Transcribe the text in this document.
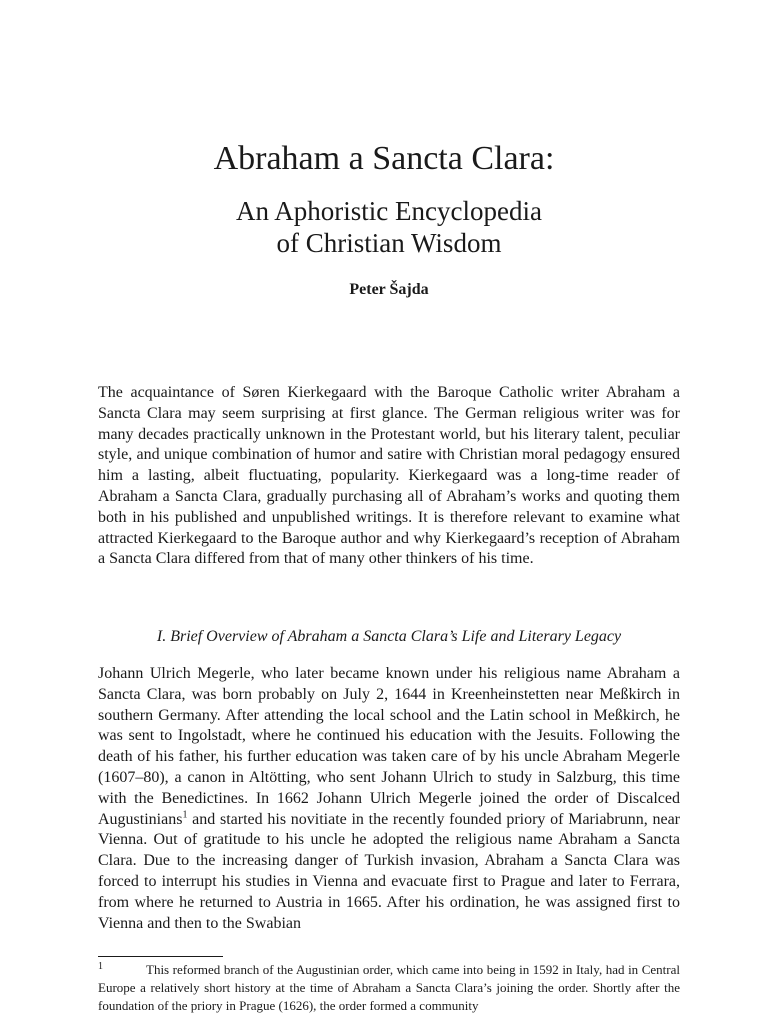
Abraham a Sancta Clara:
An Aphoristic Encyclopedia
of Christian Wisdom
Peter Šajda

The acquaintance of Søren Kierkegaard with the Baroque Catholic writer Abraham a Sancta Clara may seem surprising at first glance. The German religious writer was for many decades practically unknown in the Protestant world, but his literary talent, peculiar style, and unique combination of humor and satire with Christian moral pedagogy ensured him a lasting, albeit fluctuating, popularity. Kierkegaard was a long-time reader of Abraham a Sancta Clara, gradually purchasing all of Abraham’s works and quoting them both in his published and unpublished writings. It is therefore relevant to examine what attracted Kierkegaard to the Baroque author and why Kierkegaard’s reception of Abraham a Sancta Clara differed from that of many other thinkers of his time.

I. Brief Overview of Abraham a Sancta Clara’s Life and Literary Legacy

Johann Ulrich Megerle, who later became known under his religious name Abraham a Sancta Clara, was born probably on July 2, 1644 in Kreenheinstetten near Meßkirch in southern Germany. After attending the local school and the Latin school in Meßkirch, he was sent to Ingolstadt, where he continued his education with the Jesuits. Following the death of his father, his further education was taken care of by his uncle Abraham Megerle (1607–80), a canon in Altötting, who sent Johann Ulrich to study in Salzburg, this time with the Benedictines. In 1662 Johann Ulrich Megerle joined the order of Discalced Augustinians$^1$ and started his novitiate in the recently founded priory of Mariabrunn, near Vienna. Out of gratitude to his uncle he adopted the religious name Abraham a Sancta Clara. Due to the increasing danger of Turkish invasion, Abraham a Sancta Clara was forced to interrupt his studies in Vienna and evacuate first to Prague and later to Ferrara, from where he returned to Austria in 1665. After his ordination, he was assigned first to Vienna and then to the Swabian

1	This reformed branch of the Augustinian order, which came into being in 1592 in Italy, had in Central Europe a relatively short history at the time of Abraham a Sancta Clara’s joining the order. Shortly after the foundation of the priory in Prague (1626), the order formed a community
